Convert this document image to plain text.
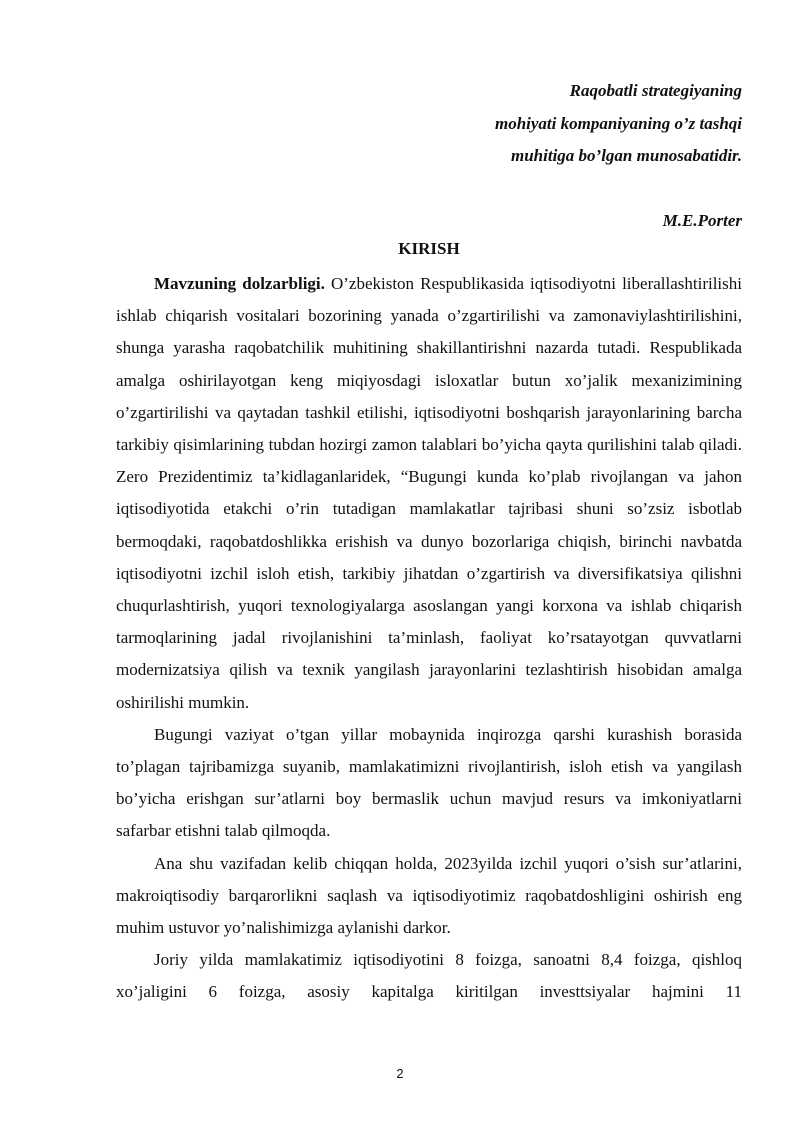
Raqobatli strategiyaning
mohiyati kompaniyaning o’z tashqi
muhitiga bo’lgan munosabatidir.
M.E.Porter
KIRISH

Mavzuning dolzarbligi. O’zbekiston Respublikasida iqtisodiyotni liberallashtirilishi ishlab chiqarish vositalari bozorining yanada o’zgartirilishi va zamonaviylashtirilishini, shunga yarasha raqobatchilik muhitining shakillantirishni nazarda tutadi. Respublikada amalga oshirilayotgan keng miqiyosdagi isloxatlar butun xo’jalik mexanizimining o’zgartirilishi va qaytadan tashkil etilishi, iqtisodiyotni boshqarish jarayonlarining barcha tarkibiy qisimlarining tubdan hozirgi zamon talablari bo’yicha qayta qurilishini talab qiladi. Zero Prezidentimiz ta’kidlaganlaridek, “Bugungi kunda ko’plab rivojlangan va jahon iqtisodiyotida etakchi o’rin tutadigan mamlakatlar tajribasi shuni so’zsiz isbotlab bermoqdaki, raqobatdoshlikka erishish va dunyo bozorlariga chiqish, birinchi navbatda iqtisodiyotni izchil isloh etish, tarkibiy jihatdan o’zgartirish va diversifikatsiya qilishni chuqurlashtirish, yuqori texnologiyalarga asoslangan yangi korxona va ishlab chiqarish tarmoqlarining jadal rivojlanishini ta’minlash, faoliyat ko’rsatayotgan quvvatlarni modernizatsiya qilish va texnik yangilash jarayonlarini tezlashtirish hisobidan amalga oshirilishi mumkin.

Bugungi vaziyat o’tgan yillar mobaynida inqirozga qarshi kurashish borasida to’plagan tajribamizga suyanib, mamlakatimizni rivojlantirish, isloh etish va yangilash bo’yicha erishgan sur’atlarni boy bermaslik uchun mavjud resurs va imkoniyatlarni safarbar etishni talab qilmoqda.

Ana shu vazifadan kelib chiqqan holda, 2023yilda izchil yuqori o’sish sur’atlarini, makroiqtisodiy barqarorlikni saqlash va iqtisodiyotimiz raqobatdoshligini oshirish eng muhim ustuvor yo’nalishimizga aylanishi darkor.

Joriy yilda mamlakatimiz iqtisodiyotini 8 foizga, sanoatni 8,4 foizga, qishloq xo’jaligini 6 foizga, asosiy kapitalga kiritilgan investtsiyalar hajmini 11

2
